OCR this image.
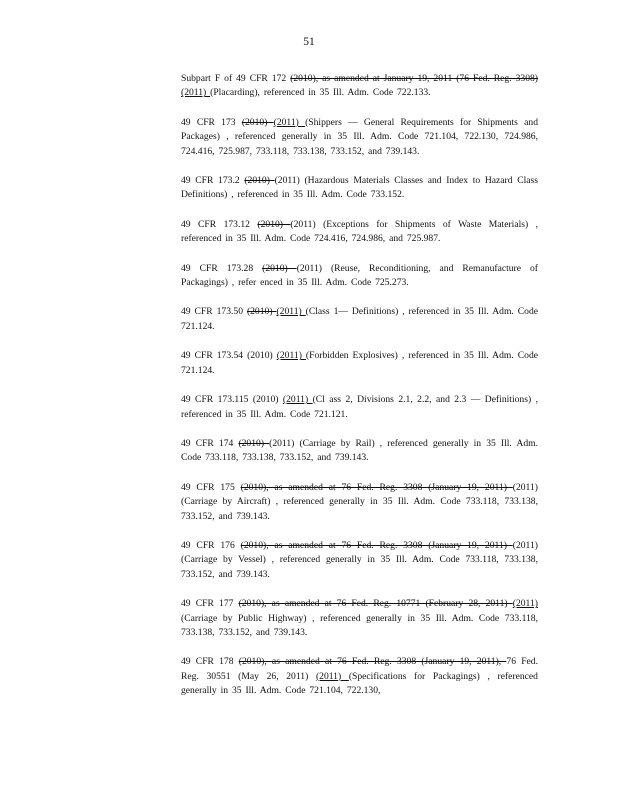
51

Subpart F of 49 CFR 172 (2010), as amended at January 19, 2011 (76 Fed. Reg. 3308) (2011) (Placarding), referenced in 35 Ill. Adm. Code 722.133.

49 CFR 173 (2010) (2011) (Shippers — General Requirements for Shipments and Packages) , referenced generally in 35 Ill. Adm. Code 721.104, 722.130, 724.986, 724.416, 725.987, 733.118, 733.138, 733.152, and 739.143.

49 CFR 173.2 (2010) (2011) (Hazardous Materials Classes and Index to Hazard Class Definitions) , referenced in 35 Ill. Adm. Code 733.152.

49 CFR 173.12 (2010) (2011) (Exceptions for Shipments of Waste Materials) , referenced in 35 Ill. Adm. Code 724.416, 724.986, and 725.987.

49 CFR 173.28 (2010) (2011) (Reuse, Reconditioning, and Remanufacture of Packagings) , refer enced in 35 Ill. Adm. Code 725.273.

49 CFR 173.50 (2010) (2011) (Class 1— Definitions) , referenced in 35 Ill. Adm. Code 721.124.

49 CFR 173.54 (2010) (2011) (Forbidden Explosives) , referenced in 35 Ill. Adm. Code 721.124.

49 CFR 173.115 (2010) (2011) (Cl ass 2, Divisions 2.1, 2.2, and 2.3 — Definitions) , referenced in 35 Ill. Adm. Code 721.121.

49 CFR 174 (2010) (2011) (Carriage by Rail) , referenced generally in 35 Ill. Adm. Code 733.118, 733.138, 733.152, and 739.143.

49 CFR 175 (2010), as amended at 76 Fed. Reg. 3308 (January 19, 2011) (2011) (Carriage by Aircraft) , referenced generally in 35 Ill. Adm. Code 733.118, 733.138, 733.152, and 739.143.

49 CFR 176 (2010), as amended at 76 Fed. Reg. 3308 (January 19, 2011) (2011) (Carriage by Vessel) , referenced generally in 35 Ill. Adm. Code 733.118, 733.138, 733.152, and 739.143.

49 CFR 177 (2010), as amended at 76 Fed. Reg. 10771 (February 28, 2011) (2011) (Carriage by Public Highway) , referenced generally in 35 Ill. Adm. Code 733.118, 733.138, 733.152, and 739.143.

49 CFR 178 (2010), as amended at 76 Fed. Reg. 3308 (January 19, 2011), 76 Fed. Reg. 30551 (May 26, 2011) (2011) (Specifications for Packagings) , referenced generally in 35 Ill. Adm. Code 721.104, 722.130,
